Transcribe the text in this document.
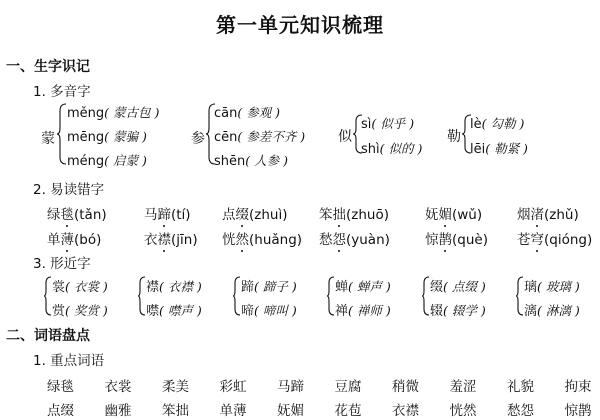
第一单元知识梳理
一、生字识记
1. 多音字
蒙
měng( 蒙古包 )
mēng( 蒙骗 )
méng( 启蒙 )
参
cān( 参观 )
cēn( 参差不齐 )
shēn( 人参 )
似
sì( 似乎 )
shì( 似的 )
勒
lè( 勾勒 )
lēi( 勒紧 )
2. 易读错字
绿毯(tǎn)	马蹄(tí) 点缀(zhuì) 笨拙(zhuō)	妩媚(wǔ)	烟渚(zhǔ)
单薄(bó)	衣襟(jīn) 恍然(huǎng) 愁怨(yuàn)	惊鹊(què) 苍穹(qióng)
3. 形近字
裳( 衣裳 )
赏( 奖赏 )
襟( 衣襟 )
噤( 噤声 )
蹄( 蹄子 )
啼( 啼叫 )
蝉( 蝉声 )
禅( 禅师 )
缀( 点缀 )
辍( 辍学 )
璃( 玻璃 )
漓( 淋漓 )
二、词语盘点
1. 重点词语
绿毯	衣裳	柔美	彩虹	马蹄	豆腐	稍微	羞涩	礼貌	拘束
点缀	幽雅	笨拙	单薄	妩媚	花苞	衣襟	恍然	愁怨	惊鹊
